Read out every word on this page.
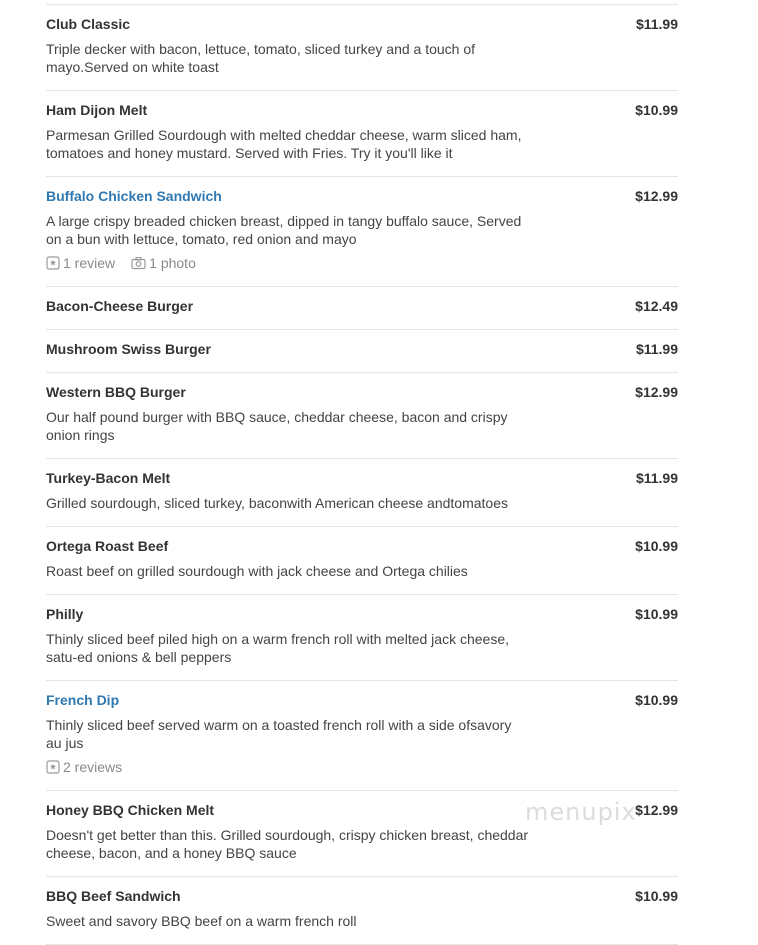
Club Classic	$11.99
Triple decker with bacon, lettuce, tomato, sliced turkey and a touch of mayo.Served on white toast
Ham Dijon Melt	$10.99
Parmesan Grilled Sourdough with melted cheddar cheese, warm sliced ham, tomatoes and honey mustard. Served with Fries. Try it you'll like it
Buffalo Chicken Sandwich	$12.99
A large crispy breaded chicken breast, dipped in tangy buffalo sauce, Served on a bun with lettuce, tomato, red onion and mayo
1 review 1 photo
Bacon-Cheese Burger	$12.49
Mushroom Swiss Burger	$11.99
Western BBQ Burger	$12.99
Our half pound burger with BBQ sauce, cheddar cheese, bacon and crispy onion rings
Turkey-Bacon Melt	$11.99
Grilled sourdough, sliced turkey, baconwith American cheese andtomatoes
Ortega Roast Beef	$10.99
Roast beef on grilled sourdough with jack cheese and Ortega chilies
Philly	$10.99
Thinly sliced beef piled high on a warm french roll with melted jack cheese, satu-ed onions & bell peppers
French Dip	$10.99
Thinly sliced beef served warm on a toasted french roll with a side ofsavory au jus
2 reviews
Honey BBQ Chicken Melt	$12.99
Doesn't get better than this. Grilled sourdough, crispy chicken breast, cheddar cheese, bacon, and a honey BBQ sauce
BBQ Beef Sandwich	$10.99
Sweet and savory BBQ beef on a warm french roll
menupix
